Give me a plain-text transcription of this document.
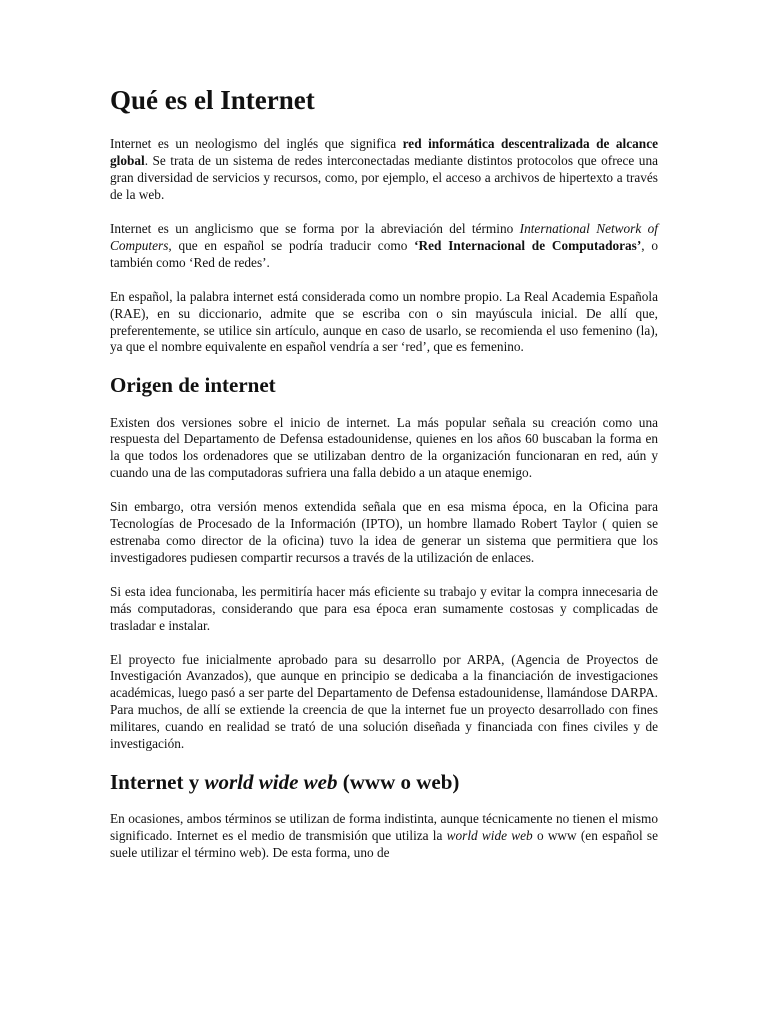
Qué es el Internet

Internet es un neologismo del inglés que significa red informática descentralizada de alcance global. Se trata de un sistema de redes interconectadas mediante distintos protocolos que ofrece una gran diversidad de servicios y recursos, como, por ejemplo, el acceso a archivos de hipertexto a través de la web.

Internet es un anglicismo que se forma por la abreviación del término International Network of Computers, que en español se podría traducir como ‘Red Internacional de Computadoras’, o también como ‘Red de redes’.

En español, la palabra internet está considerada como un nombre propio. La Real Academia Española (RAE), en su diccionario, admite que se escriba con o sin mayúscula inicial. De allí que, preferentemente, se utilice sin artículo, aunque en caso de usarlo, se recomienda el uso femenino (la), ya que el nombre equivalente en español vendría a ser ‘red’, que es femenino.

Origen de internet

Existen dos versiones sobre el inicio de internet. La más popular señala su creación como una respuesta del Departamento de Defensa estadounidense, quienes en los años 60 buscaban la forma en la que todos los ordenadores que se utilizaban dentro de la organización funcionaran en red, aún y cuando una de las computadoras sufriera una falla debido a un ataque enemigo.

Sin embargo, otra versión menos extendida señala que en esa misma época, en la Oficina para Tecnologías de Procesado de la Información (IPTO), un hombre llamado Robert Taylor ( quien se estrenaba como director de la oficina) tuvo la idea de generar un sistema que permitiera que los investigadores pudiesen compartir recursos a través de la utilización de enlaces.

Si esta idea funcionaba, les permitiría hacer más eficiente su trabajo y evitar la compra innecesaria de más computadoras, considerando que para esa época eran sumamente costosas y complicadas de trasladar e instalar.

El proyecto fue inicialmente aprobado para su desarrollo por ARPA, (Agencia de Proyectos de Investigación Avanzados), que aunque en principio se dedicaba a la financiación de investigaciones académicas, luego pasó a ser parte del Departamento de Defensa estadounidense, llamándose DARPA. Para muchos, de allí se extiende la creencia de que la internet fue un proyecto desarrollado con fines militares, cuando en realidad se trató de una solución diseñada y financiada con fines civiles y de investigación.

Internet y world wide web (www o web)

En ocasiones, ambos términos se utilizan de forma indistinta, aunque técnicamente no tienen el mismo significado. Internet es el medio de transmisión que utiliza la world wide web o www (en español se suele utilizar el término web). De esta forma, uno de
